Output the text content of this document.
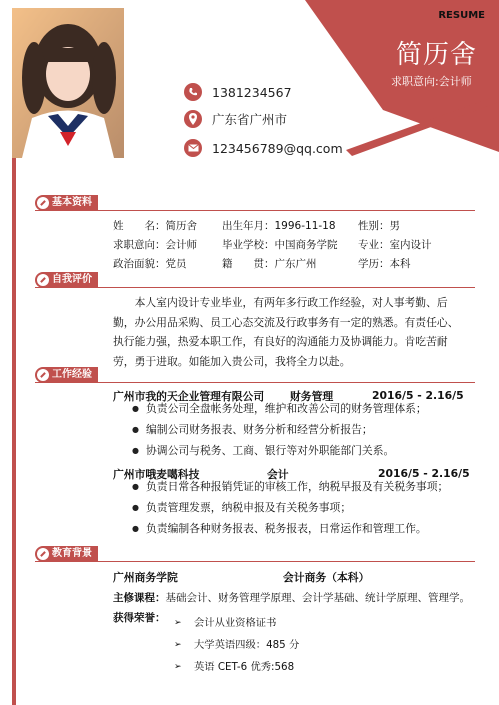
RESUME
简历舍
求职意向:会计师
1381234567
广东省广州市
123456789@qq.com
基本资料
姓　　名：简历舍 出生年月：1996-11-18 性别：男
求职意向：会计师 毕业学校：中国商务学院 专业：室内设计
政治面貌：党员	籍　　贯：广东广州	学历：本科
自我评价
本人室内设计专业毕业，有两年多行政工作经验，对人事考勤、后勤，办公用品采购、员工心态交流及行政事务有一定的熟悉。有责任心、执行能力强，热爱本职工作，有良好的沟通能力及协调能力。肯吃苦耐劳，勇于进取。如能加入贵公司，我将全力以赴。
工作经验
广州市我的天企业管理有限公司 财务管理	2016/5 - 2.16/5
● 负责公司全盘帐务处理，维护和改善公司的财务管理体系；
● 编制公司财务报表、财务分析和经营分析报告；
● 协调公司与税务、工商、银行等对外职能部门关系。
广州市哦麦噶科技	会计	2016/5 - 2.16/5
● 负责日常各种报销凭证的审核工作，纳税早报及有关税务事项；
● 负责管理发票，纳税申报及有关税务事项；
● 负责编制各种财务报表、税务报表，日常运作和管理工作。
教育背景
广州商务学院	会计商务（本科）
主修课程：基础会计、财务管理学原理、会计学基础、统计学原理、管理学。
获得荣誉：
➢	会计从业资格证书
➢ 大学英语四级：485 分
➢ 英语 CET-6 优秀:568
